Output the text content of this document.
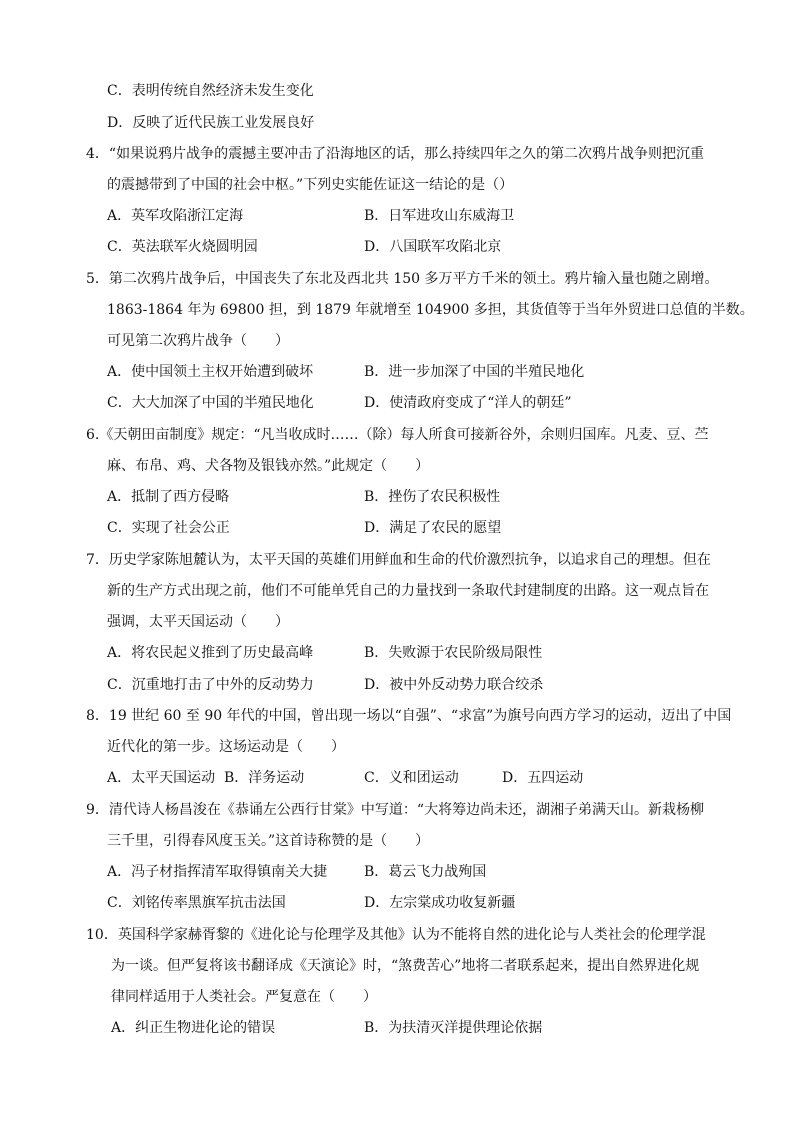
C．表明传统自然经济未发生变化
D．反映了近代民族工业发展良好
4．“如果说鸦片战争的震撼主要冲击了沿海地区的话，那么持续四年之久的第二次鸦片战争则把沉重
的震撼带到了中国的社会中枢。”下列史实能佐证这一结论的是（）
A．英军攻陷浙江定海	B．日军进攻山东威海卫
C．英法联军火烧圆明园	D．八国联军攻陷北京
5．第二次鸦片战争后，中国丧失了东北及西北共 150 多万平方千米的领土。鸦片输入量也随之剧增。
1863-1864 年为 69800 担，到 1879 年就增至 104900 多担，其货值等于当年外贸进口总值的半数。
可见第二次鸦片战争（　　）
A．使中国领土主权开始遭到破坏	B．进一步加深了中国的半殖民地化
C．大大加深了中国的半殖民地化	D．使清政府变成了“洋人的朝廷”
6.《天朝田亩制度》规定：“凡当收成时……（除）每人所食可接新谷外，余则归国库。凡麦、豆、苎
麻、布帛、鸡、犬各物及银钱亦然。”此规定（　　）
A．抵制了西方侵略	B．挫伤了农民积极性
C．实现了社会公正	D．满足了农民的愿望
7．历史学家陈旭麓认为，太平天国的英雄们用鲜血和生命的代价激烈抗争，以追求自己的理想。但在
新的生产方式出现之前，他们不可能单凭自己的力量找到一条取代封建制度的出路。这一观点旨在
强调，太平天国运动（　　）
A．将农民起义推到了历史最高峰	B．失败源于农民阶级局限性
C．沉重地打击了中外的反动势力	D．被中外反动势力联合绞杀
8．19 世纪 60 至 90 年代的中国，曾出现一场以“自强”、“求富”为旗号向西方学习的运动，迈出了中国
近代化的第一步。这场运动是（　　）
A．太平天国运动 B．洋务运动	C．义和团运动	D．五四运动
9．清代诗人杨昌浚在《恭诵左公西行甘棠》中写道：“大将筹边尚未还，湖湘子弟满天山。新栽杨柳
三千里，引得春风度玉关。”这首诗称赞的是（　　）
A．冯子材指挥清军取得镇南关大捷	B．葛云飞力战殉国
C．刘铭传率黑旗军抗击法国	D．左宗棠成功收复新疆
10．英国科学家赫胥黎的《进化论与伦理学及其他》认为不能将自然的进化论与人类社会的伦理学混
为一谈。但严复将该书翻译成《天演论》时，“煞费苦心”地将二者联系起来，提出自然界进化规
律同样适用于人类社会。严复意在（　　）
A．纠正生物进化论的错误	B．为扶清灭洋提供理论依据
